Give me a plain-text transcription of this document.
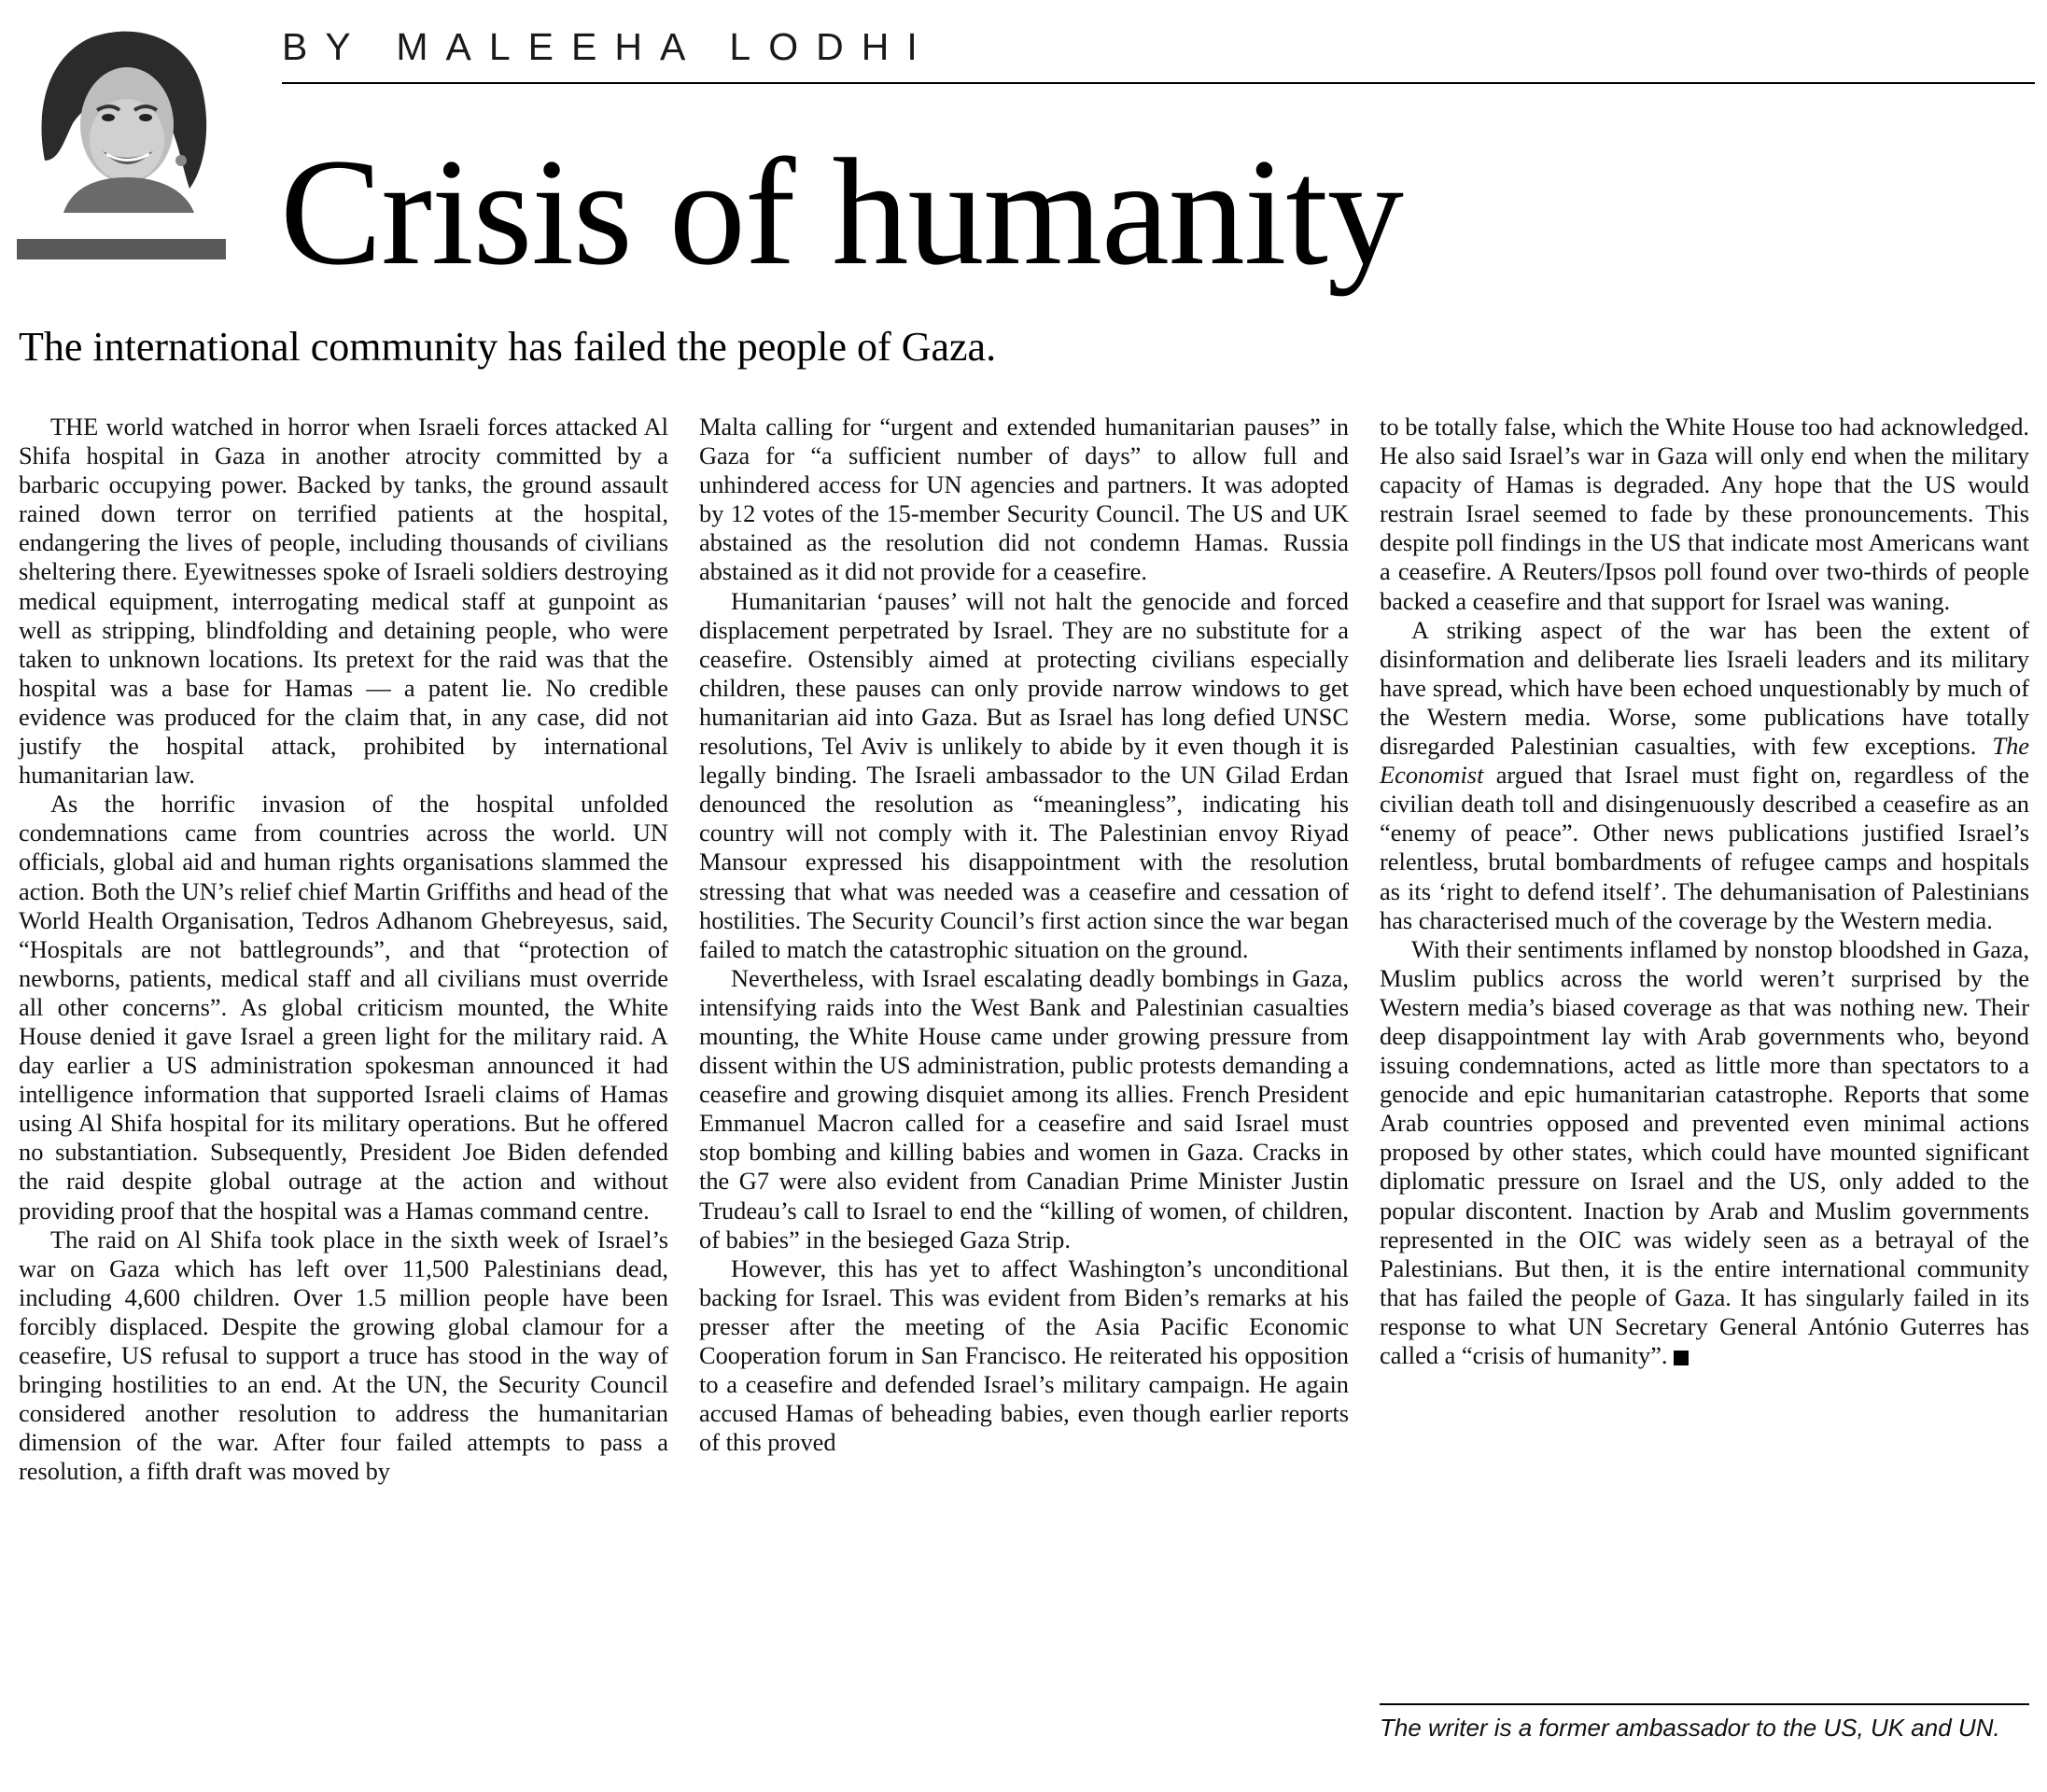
BY MALEEHA LODHI
Crisis of humanity
The international community has failed the people of Gaza.

THE world watched in horror when Israeli forces attacked Al Shifa hospital in Gaza in another atrocity committed by a barbaric occupying power. Backed by tanks, the ground assault rained down terror on terrified patients at the hospital, endangering the lives of people, including thousands of civilians sheltering there. Eyewitnesses spoke of Israeli soldiers destroying medical equipment, interrogating medical staff at gunpoint as well as stripping, blindfolding and detaining people, who were taken to unknown locations. Its pretext for the raid was that the hospital was a base for Hamas — a patent lie. No credible evidence was produced for the claim that, in any case, did not justify the hospital attack, prohibited by international humanitarian law.

As the horrific invasion of the hospital unfolded condemnations came from countries across the world. UN officials, global aid and human rights organisations slammed the action. Both the UN’s relief chief Martin Griffiths and head of the World Health Organisation, Tedros Adhanom Ghebreyesus, said, “Hospitals are not battlegrounds”, and that “protection of newborns, patients, medical staff and all civilians must override all other concerns”. As global criticism mounted, the White House denied it gave Israel a green light for the military raid. A day earlier a US administration spokesman announced it had intelligence information that supported Israeli claims of Hamas using Al Shifa hospital for its military operations. But he offered no substantiation. Subsequently, President Joe Biden defended the raid despite global outrage at the action and without providing proof that the hospital was a Hamas command centre.

The raid on Al Shifa took place in the sixth week of Israel’s war on Gaza which has left over 11,500 Palestinians dead, including 4,600 children. Over 1.5 million people have been forcibly displaced. Despite the growing global clamour for a ceasefire, US refusal to support a truce has stood in the way of bringing hostilities to an end. At the UN, the Security Council considered another resolution to address the humanitarian dimension of the war. After four failed attempts to pass a resolution, a fifth draft was moved by

Malta calling for “urgent and extended humanitarian pauses” in Gaza for “a sufficient number of days” to allow full and unhindered access for UN agencies and partners. It was adopted by 12 votes of the 15-member Security Council. The US and UK abstained as the resolution did not condemn Hamas. Russia abstained as it did not provide for a ceasefire.

Humanitarian ‘pauses’ will not halt the genocide and forced displacement perpetrated by Israel. They are no substitute for a ceasefire. Ostensibly aimed at protecting civilians especially children, these pauses can only provide narrow windows to get humanitarian aid into Gaza. But as Israel has long defied UNSC resolutions, Tel Aviv is unlikely to abide by it even though it is legally binding. The Israeli ambassador to the UN Gilad Erdan denounced the resolution as “meaningless”, indicating his country will not comply with it. The Palestinian envoy Riyad Mansour expressed his disappointment with the resolution stressing that what was needed was a ceasefire and cessation of hostilities. The Security Council’s first action since the war began failed to match the catastrophic situation on the ground.

Nevertheless, with Israel escalating deadly bombings in Gaza, intensifying raids into the West Bank and Palestinian casualties mounting, the White House came under growing pressure from dissent within the US administration, public protests demanding a ceasefire and growing disquiet among its allies. French President Emmanuel Macron called for a ceasefire and said Israel must stop bombing and killing babies and women in Gaza. Cracks in the G7 were also evident from Canadian Prime Minister Justin Trudeau’s call to Israel to end the “killing of women, of children, of babies” in the besieged Gaza Strip.

However, this has yet to affect Washington’s unconditional backing for Israel. This was evident from Biden’s remarks at his presser after the meeting of the Asia Pacific Economic Cooperation forum in San Francisco. He reiterated his opposition to a ceasefire and defended Israel’s military campaign. He again accused Hamas of beheading babies, even though earlier reports of this proved

to be totally false, which the White House too had acknowledged. He also said Israel’s war in Gaza will only end when the military capacity of Hamas is degraded. Any hope that the US would restrain Israel seemed to fade by these pronouncements. This despite poll findings in the US that indicate most Americans want a ceasefire. A Reuters/Ipsos poll found over two-thirds of people backed a ceasefire and that support for Israel was waning.

A striking aspect of the war has been the extent of disinformation and deliberate lies Israeli leaders and its military have spread, which have been echoed unquestionably by much of the Western media. Worse, some publications have totally disregarded Palestinian casualties, with few exceptions. The Economist argued that Israel must fight on, regardless of the civilian death toll and disingenuously described a ceasefire as an “enemy of peace”. Other news publications justified Israel’s relentless, brutal bombardments of refugee camps and hospitals as its ‘right to defend itself’. The dehumanisation of Palestinians has characterised much of the coverage by the Western media.

With their sentiments inflamed by nonstop bloodshed in Gaza, Muslim publics across the world weren’t surprised by the Western media’s biased coverage as that was nothing new. Their deep disappointment lay with Arab governments who, beyond issuing condemnations, acted as little more than spectators to a genocide and epic humanitarian catastrophe. Reports that some Arab countries opposed and prevented even minimal actions proposed by other states, which could have mounted significant diplomatic pressure on Israel and the US, only added to the popular discontent. Inaction by Arab and Muslim governments represented in the OIC was widely seen as a betrayal of the Palestinians. But then, it is the entire international community that has failed the people of Gaza. It has singularly failed in its response to what UN Secretary General António Guterres has called a “crisis of humanity”.

The writer is a former ambassador to the US, UK and UN.
